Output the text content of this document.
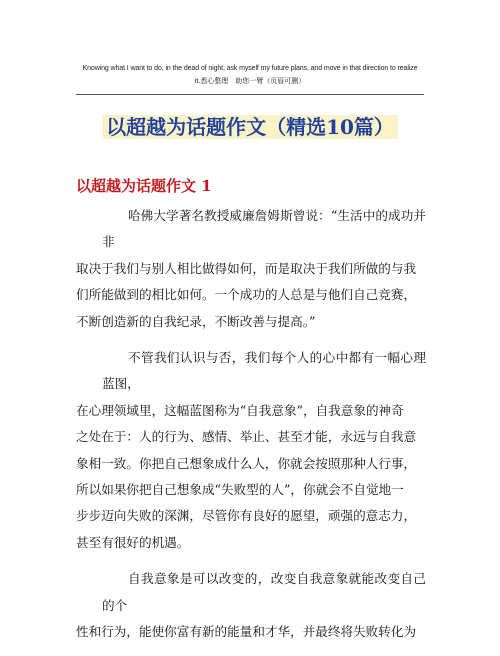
Knowing what I want to do, in the dead of night, ask myself my future plans, and move in that direction to realize
it.悉心整理　助您一臂（页眉可删）
以超越为话题作文（精选10篇）
以超越为话题作文 1

哈佛大学著名教授威廉詹姆斯曾说：“生活中的成功并非
取决于我们与别人相比做得如何，而是取决于我们所做的与我
们所能做到的相比如何。一个成功的人总是与他们自己竞赛，
不断创造新的自我纪录，不断改善与提高。”

不管我们认识与否，我们每个人的心中都有一幅心理蓝图，
在心理领域里，这幅蓝图称为“自我意象”，自我意象的神奇
之处在于：人的行为、感情、举止、甚至才能，永远与自我意
象相一致。你把自己想象成什么人，你就会按照那种人行事，
所以如果你把自己想象成“失败型的人”，你就会不自觉地一
步步迈向失败的深渊，尽管你有良好的愿望，顽强的意志力，
甚至有很好的机遇。

自我意象是可以改变的，改变自我意象就能改变自己的个
性和行为，能使你富有新的能量和才华，并最终将失败转化为
